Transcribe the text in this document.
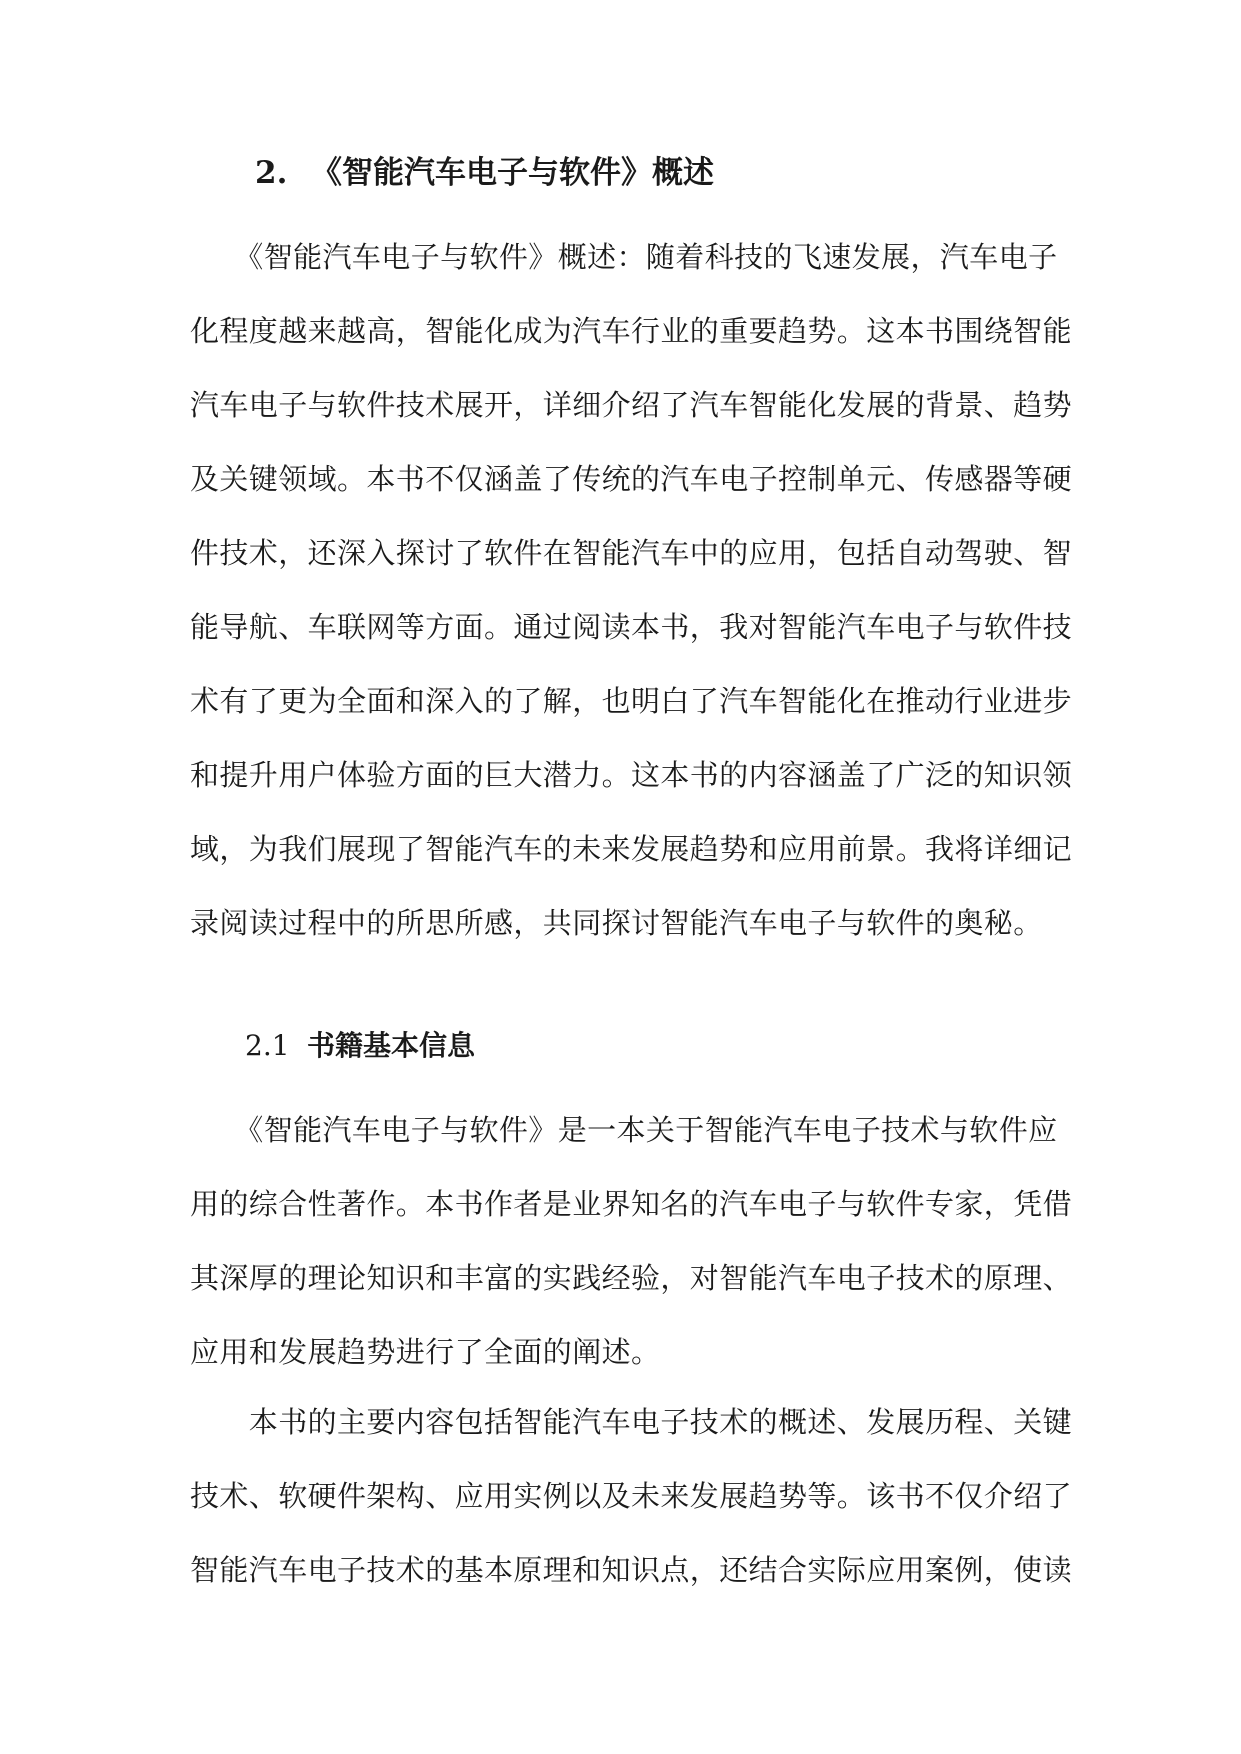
2. 《智能汽车电子与软件》概述
　　《智能汽车电子与软件》概述：随着科技的飞速发展，汽车电子
化程度越来越高，智能化成为汽车行业的重要趋势。这本书围绕智能
汽车电子与软件技术展开，详细介绍了汽车智能化发展的背景、趋势
及关键领域。本书不仅涵盖了传统的汽车电子控制单元、传感器等硬
件技术，还深入探讨了软件在智能汽车中的应用，包括自动驾驶、智
能导航、车联网等方面。通过阅读本书，我对智能汽车电子与软件技
术有了更为全面和深入的了解，也明白了汽车智能化在推动行业进步
和提升用户体验方面的巨大潜力。这本书的内容涵盖了广泛的知识领
域，为我们展现了智能汽车的未来发展趋势和应用前景。我将详细记
录阅读过程中的所思所感，共同探讨智能汽车电子与软件的奥秘。
2.1 书籍基本信息
　　《智能汽车电子与软件》是一本关于智能汽车电子技术与软件应
用的综合性著作。本书作者是业界知名的汽车电子与软件专家，凭借
其深厚的理论知识和丰富的实践经验，对智能汽车电子技术的原理、
应用和发展趋势进行了全面的阐述。
　　本书的主要内容包括智能汽车电子技术的概述、发展历程、关键
技术、软硬件架构、应用实例以及未来发展趋势等。该书不仅介绍了
智能汽车电子技术的基本原理和知识点，还结合实际应用案例，使读
